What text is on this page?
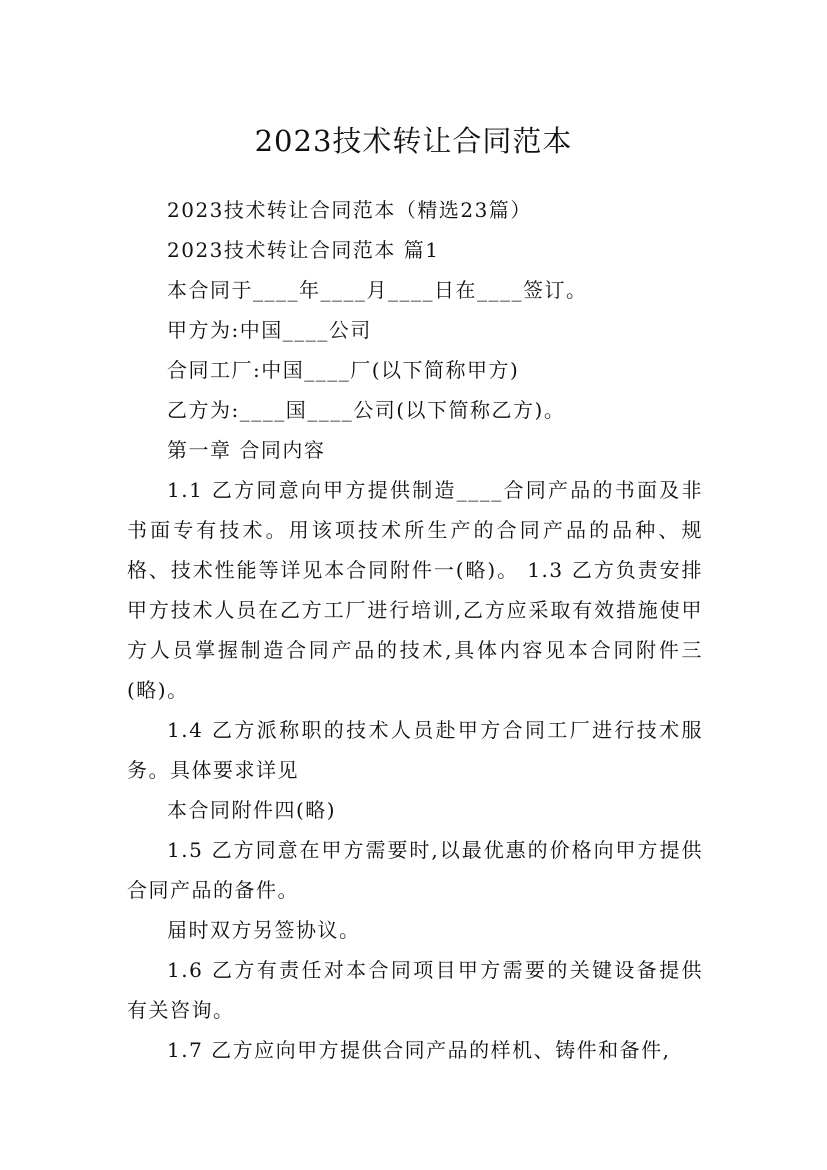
2023技术转让合同范本

2023技术转让合同范本（精选23篇）

2023技术转让合同范本 篇1

本合同于____年____月____日在____签订。

甲方为:中国____公司

合同工厂:中国____厂(以下简称甲方)

乙方为:____国____公司(以下简称乙方)。

第一章 合同内容

1.1 乙方同意向甲方提供制造____合同产品的书面及非书面专有技术。用该项技术所生产的合同产品的品种、规格、技术性能等详见本合同附件一(略)。 1.3 乙方负责安排甲方技术人员在乙方工厂进行培训,乙方应采取有效措施使甲方人员掌握制造合同产品的技术,具体内容见本合同附件三(略)。

1.4 乙方派称职的技术人员赴甲方合同工厂进行技术服务。具体要求详见

本合同附件四(略)

1.5 乙方同意在甲方需要时,以最优惠的价格向甲方提供合同产品的备件。

届时双方另签协议。

1.6 乙方有责任对本合同项目甲方需要的关键设备提供有关咨询。

1.7 乙方应向甲方提供合同产品的样机、铸件和备件,
